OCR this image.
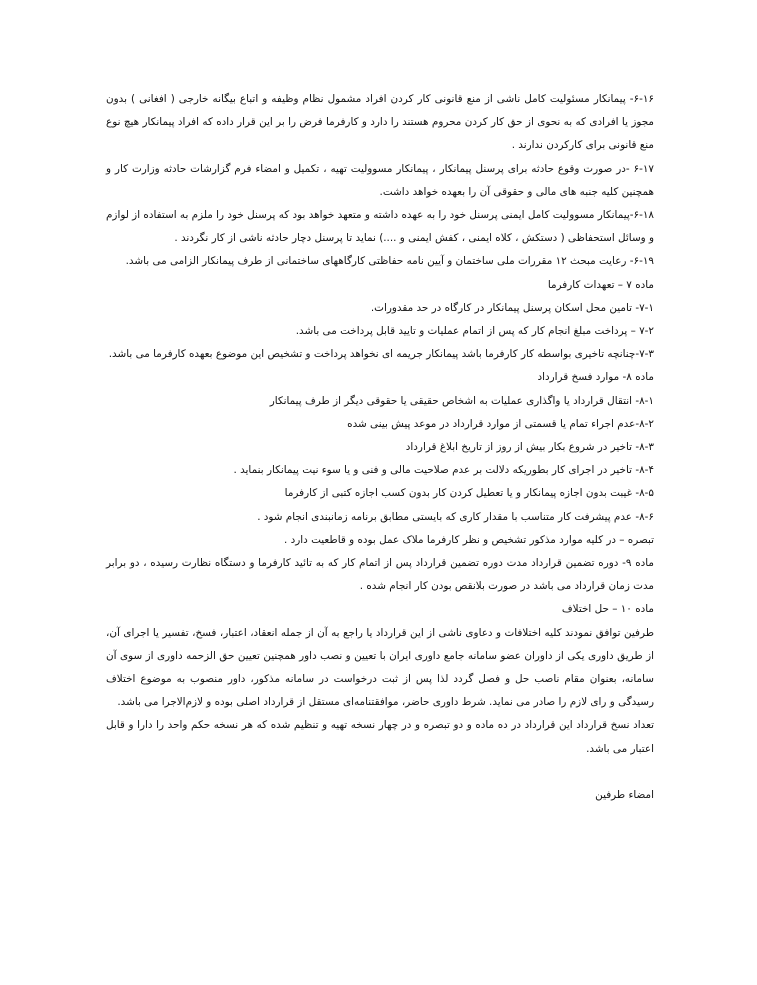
۶-۱۶- پیمانکار مسئولیت کامل ناشی از منع قانونی کار کردن افراد مشمول نظام وظیفه و اتباع بیگانه خارجی ( افغانی ) بدون مجوز یا افرادی که به نحوی از حق کار کردن محروم هستند را دارد و کارفرما فرض را بر این قرار داده که افراد پیمانکار هیچ نوع منع قانونی برای کارکردن ندارند .

۶-۱۷ -در صورت وقوع حادثه برای پرسنل پیمانکار ، پیمانکار مسوولیت تهیه ، تکمیل و امضاء فرم گزارشات حادثه وزارت کار و همچنین کلیه جنبه های مالی و حقوقی آن را بعهده خواهد داشت.

۶-۱۸-پیمانکار مسوولیت کامل ایمنی پرسنل خود را به عهده داشته و متعهد خواهد بود که پرسنل خود را ملزم به استفاده از لوازم و وسائل استحفاظی ( دستکش ، کلاه ایمنی ، کفش ایمنی و ....) نماید تا پرسنل دچار حادثه ناشی از کار نگردند .

۶-۱۹- رعایت مبحث ۱۲ مقررات ملی ساختمان و آیین نامه حفاظتی کارگاههای ساختمانی از طرف پیمانکار الزامی می باشد.

ماده ۷ – تعهدات کارفرما

۷-۱- تامین محل اسکان پرسنل پیمانکار در کارگاه در حد مقدورات.

۷-۲ – پرداخت مبلغ انجام کار که پس از اتمام عملیات و تایید قابل پرداخت می باشد.

۷-۳-چنانچه تاخیری بواسطه کار کارفرما باشد پیمانکار جریمه ای نخواهد پرداخت و تشخیص این موضوع بعهده کارفرما می باشد.

ماده ۸- موارد فسخ قرارداد

۸-۱- انتقال قرارداد یا واگذاری عملیات به اشخاص حقیقی یا حقوقی دیگر از طرف پیمانکار

۸-۲-عدم اجراء تمام یا قسمتی از موارد قرارداد در موعد پیش بینی شده

۸-۳- تاخیر در شروع بکار بیش از روز از تاریخ ابلاغ قرارداد

۸-۴- تاخیر در اجرای کار بطوریکه دلالت بر عدم صلاحیت مالی و فنی و یا سوء نیت پیمانکار بنماید .

۸-۵- غیبت بدون اجازه پیمانکار و یا تعطیل کردن کار بدون کسب اجازه کتبی از کارفرما

۸-۶- عدم پیشرفت کار متناسب با مقدار کاری که بایستی مطابق برنامه زمانبندی انجام شود .

تبصره – در کلیه موارد مذکور تشخیص و نظر کارفرما ملاک عمل بوده و قاطعیت دارد .

ماده ۹- دوره تضمین قرارداد مدت دوره تضمین قرارداد پس از اتمام کار که به تائید کارفرما و دستگاه نظارت رسیده ، دو برابر مدت زمان قرارداد می باشد در صورت بلانقص بودن کار انجام شده .

ماده ۱۰ – حل اختلاف

طرفین توافق نمودند کلیه اختلافات و دعاوی ناشی از این قرارداد یا راجع به آن از جمله انعقاد، اعتبار، فسخ، تفسیر یا اجرای آن، از طریق داوری یکی از داوران عضو سامانه جامع داوری ایران با تعیین و نصب داور همچنین تعیین حق الزحمه داوری از سوی آن سامانه، بعنوان مقام ناصب حل و فصل گردد لذا پس از ثبت درخواست در سامانه مذکور، داور منصوب به موضوع اختلاف رسیدگی و رای لازم را صادر می نماید. شرط داوری حاضر، موافقتنامه‌ای مستقل از قرارداد اصلی بوده و لازم‌الاجرا می باشد.

تعداد نسخ قرارداد این قرارداد در ده ماده و دو تبصره و در چهار نسخه تهیه و تنظیم شده که هر نسخه حکم واحد را دارا و قابل اعتبار می باشد.

امضاء طرفین
